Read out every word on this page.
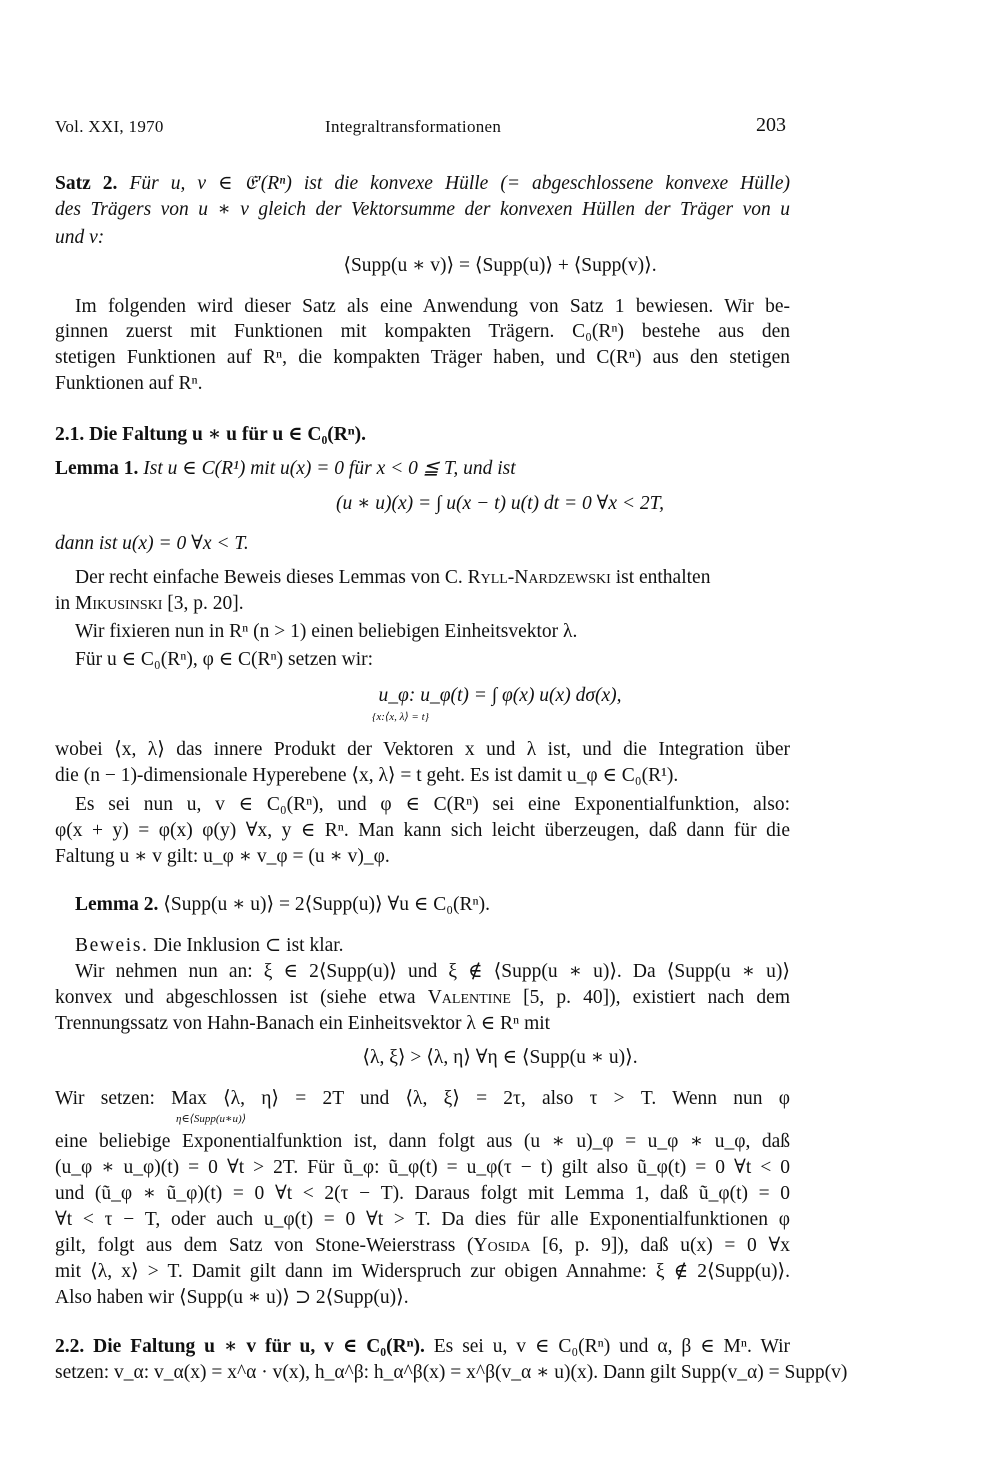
Vol. XXI, 1970	Integraltransformationen	203
Satz 2. Für u, v ∈ 𝔈′(Rⁿ) ist die konvexe Hülle (= abgeschlossene konvexe Hülle)
des Trägers von u ∗ v gleich der Vektorsumme der konvexen Hüllen der Träger von u
und v:
⟨Supp(u ∗ v)⟩ = ⟨Supp(u)⟩ + ⟨Supp(v)⟩.
Im folgenden wird dieser Satz als eine Anwendung von Satz 1 bewiesen. Wir be-
ginnen zuerst mit Funktionen mit kompakten Trägern. C₀(Rⁿ) bestehe aus den
stetigen Funktionen auf Rⁿ, die kompakten Träger haben, und C(Rⁿ) aus den stetigen
Funktionen auf Rⁿ.
2.1. Die Faltung u ∗ u für u ∈ C₀(Rⁿ).
Lemma 1. Ist u ∈ C(R¹) mit u(x) = 0 für x < 0 ≦ T, und ist
(u ∗ u)(x) = ∫ u(x − t) u(t) dt = 0 ∀x < 2T,
dann ist u(x) = 0 ∀x < T.
Der recht einfache Beweis dieses Lemmas von C. Ryll-Nardzewski ist enthalten
in Mikusinski [3, p. 20].
Wir fixieren nun in Rⁿ (n > 1) einen beliebigen Einheitsvektor λ.
Für u ∈ C₀(Rⁿ), φ ∈ C(Rⁿ) setzen wir:
u_φ: u_φ(t) = ∫ φ(x) u(x) dσ(x),
{x:⟨x, λ⟩ = t}
wobei ⟨x, λ⟩ das innere Produkt der Vektoren x und λ ist, und die Integration über
die (n − 1)-dimensionale Hyperebene ⟨x, λ⟩ = t geht. Es ist damit u_φ ∈ C₀(R¹).
Es sei nun u, v ∈ C₀(Rⁿ), und φ ∈ C(Rⁿ) sei eine Exponentialfunktion, also:
φ(x + y) = φ(x) φ(y) ∀x, y ∈ Rⁿ. Man kann sich leicht überzeugen, daß dann für die
Faltung u ∗ v gilt: u_φ ∗ v_φ = (u ∗ v)_φ.
Lemma 2. ⟨Supp(u ∗ u)⟩ = 2⟨Supp(u)⟩ ∀u ∈ C₀(Rⁿ).
Beweis. Die Inklusion ⊂ ist klar.
Wir nehmen nun an: ξ ∈ 2⟨Supp(u)⟩ und ξ ∉ ⟨Supp(u ∗ u)⟩. Da ⟨Supp(u ∗ u)⟩
konvex und abgeschlossen ist (siehe etwa Valentine [5, p. 40]), existiert nach dem
Trennungssatz von Hahn-Banach ein Einheitsvektor λ ∈ Rⁿ mit
⟨λ, ξ⟩ > ⟨λ, η⟩ ∀η ∈ ⟨Supp(u ∗ u)⟩.
Wir setzen: Max ⟨λ, η⟩ = 2T und ⟨λ, ξ⟩ = 2τ, also τ > T. Wenn nun φ
η∈⟨Supp(u∗u)⟩
eine beliebige Exponentialfunktion ist, dann folgt aus (u ∗ u)_φ = u_φ ∗ u_φ, daß
(u_φ ∗ u_φ)(t) = 0 ∀t > 2T. Für ũ_φ: ũ_φ(t) = u_φ(τ − t) gilt also ũ_φ(t) = 0 ∀t < 0
und (ũ_φ ∗ ũ_φ)(t) = 0 ∀t < 2(τ − T). Daraus folgt mit Lemma 1, daß ũ_φ(t) = 0
∀t < τ − T, oder auch u_φ(t) = 0 ∀t > T. Da dies für alle Exponentialfunktionen φ
gilt, folgt aus dem Satz von Stone-Weierstrass (Yosida [6, p. 9]), daß u(x) = 0 ∀x
mit ⟨λ, x⟩ > T. Damit gilt dann im Widerspruch zur obigen Annahme: ξ ∉ 2⟨Supp(u)⟩.
Also haben wir ⟨Supp(u ∗ u)⟩ ⊃ 2⟨Supp(u)⟩.
2.2. Die Faltung u ∗ v für u, v ∈ C₀(Rⁿ). Es sei u, v ∈ C₀(Rⁿ) und α, β ∈ Mⁿ. Wir
setzen: v_α: v_α(x) = x^α · v(x), h_α^β: h_α^β(x) = x^β(v_α ∗ u)(x). Dann gilt Supp(v_α) = Supp(v)
